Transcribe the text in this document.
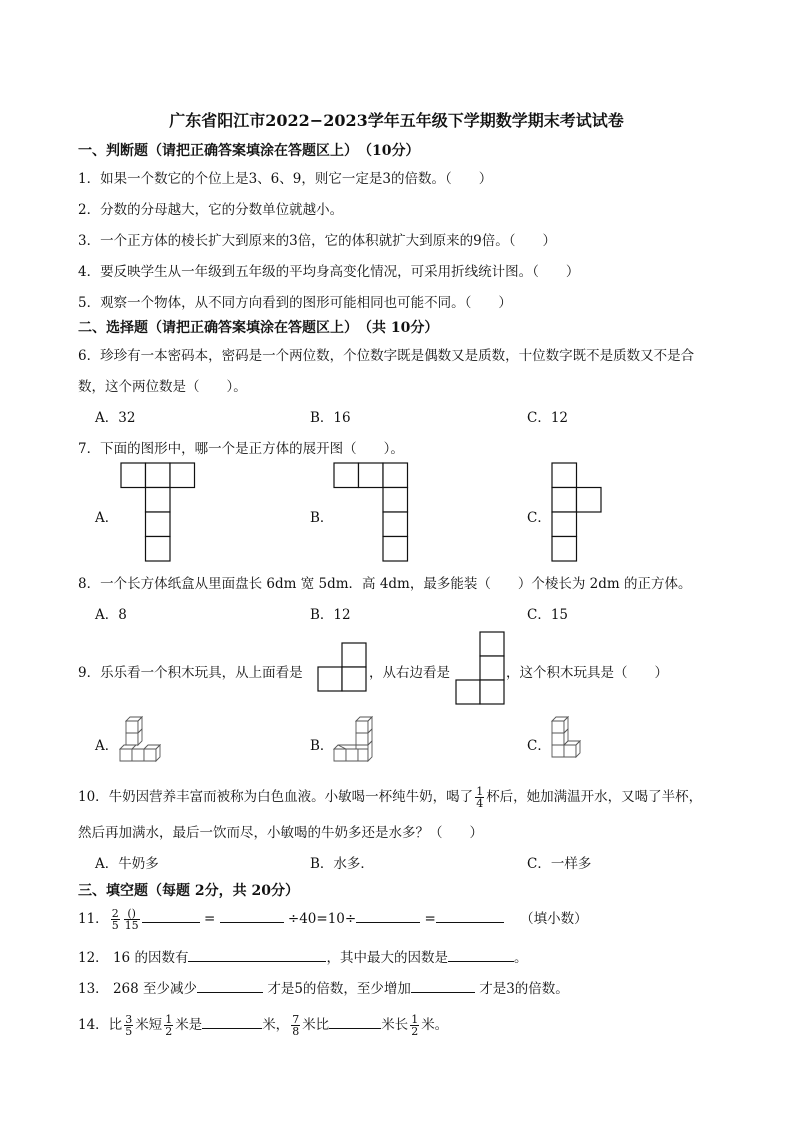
广东省阳江市2022−2023学年五年级下学期数学期末考试试卷
一、判断题（请把正确答案填涂在答题区上）　（10分）
1．如果一个数它的个位上是3、6、9，则它一定是3的倍数。（　　）
2．分数的分母越大，它的分数单位就越小。
3．一个正方体的棱长扩大到原来的3倍，它的体积就扩大到原来的9倍。（　　）
4．要反映学生从一年级到五年级的平均身高变化情况，可采用折线统计图。（　　）
5．观察一个物体，从不同方向看到的图形可能相同也可能不同。（　　）
二、选择题（请把正确答案填涂在答题区上）　（共 10分）
6．珍珍有一本密码本，密码是一个两位数，个位数字既是偶数又是质数，十位数字既不是质数又不是合
数，这个两位数是（　　）。
A．32	B．16	C．12
7．下面的图形中，哪一个是正方体的展开图（　　）。
A．	B．	C．
8．一个长方体纸盒从里面盘长 6dm 宽 5dm．高 4dm，最多能装（　　）个棱长为 2dm 的正方体。
A．8	B．12	C．15
9．乐乐看一个积木玩具，从上面看是	，从右边看是	，这个积木玩具是（　　）
A．	B．	C．
10．牛奶因营养丰富而被称为白色血液。小敏喝一杯纯牛奶，喝了 $\frac{1}{4}$ 杯后，她加满温开水，又喝了半杯，
然后再加满水，最后一饮而尽，小敏喝的牛奶多还是水多？（　　）
A．牛奶多	B．水多．	C．一样多
三、填空题（每题 2分，共 20分）
11． $\frac{2}{5} \frac{()}{15}$	=	÷40=10÷	=	（填小数）
12． 16 的因数有	，其中最大的因数是	。
13． 268 至少减少	才是5的倍数，至少增加	才是3的倍数。
14．比 $\frac{3}{5}$ 米短 $\frac{1}{2}$ 米是	米， $\frac{7}{8}$ 米比	米长 $\frac{1}{2}$ 米。
